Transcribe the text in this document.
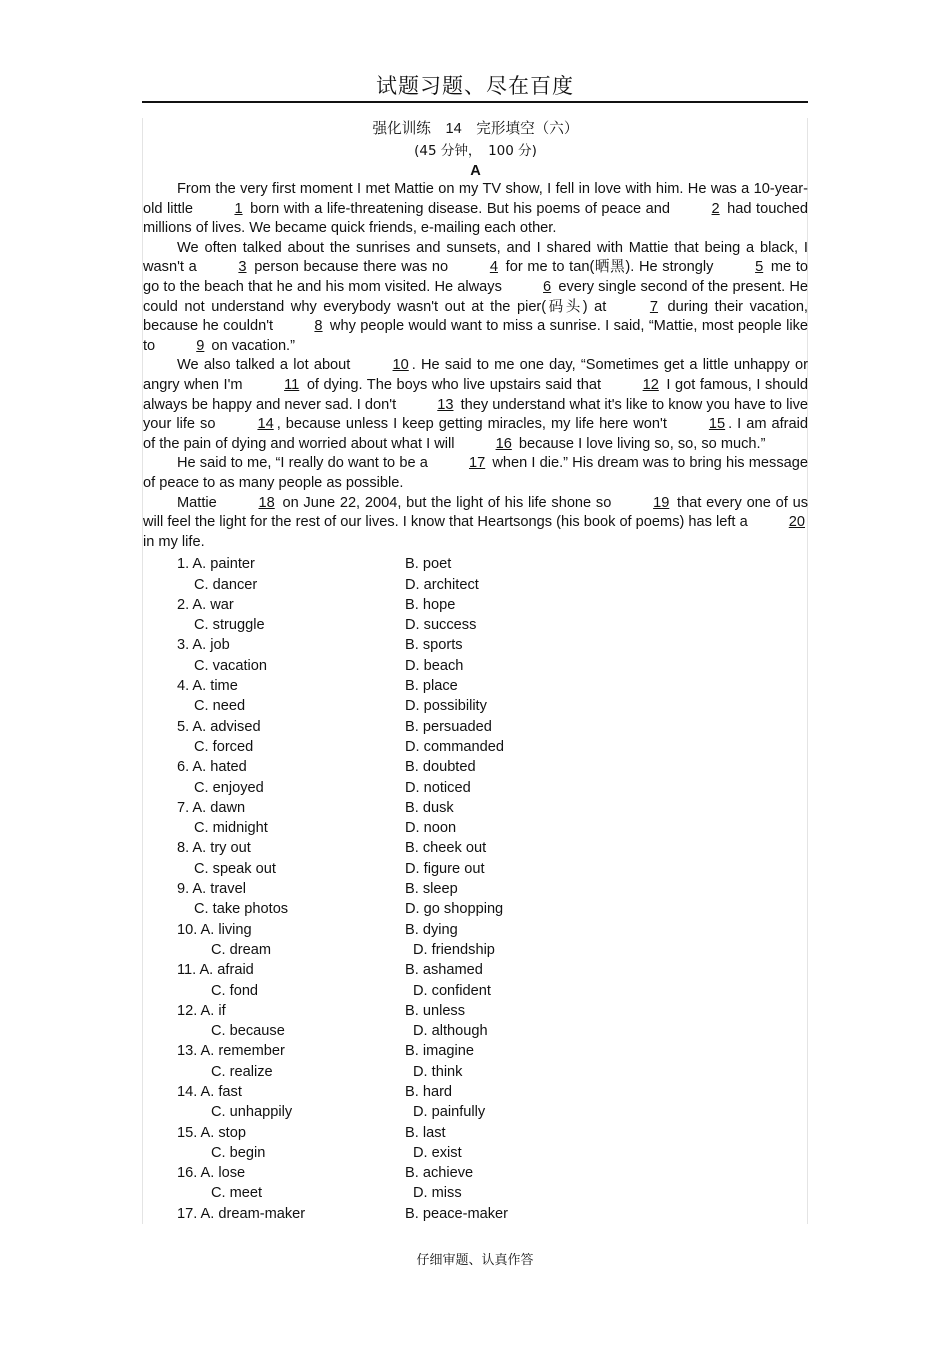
试题习题、尽在百度
强化训练　14　完形填空（六）
(45 分钟，　100 分)
A

From the very first moment I met Mattie on my TV show, I fell in love with him. He was a 10-year-old little	1 born with a life-threatening disease. But his poems of peace and	2 had touched millions of lives. We became quick friends, e-mailing each other.

We often talked about the sunrises and sunsets, and I shared with Mattie that being a black, I wasn't a	3 person because there was no	4 for me to tan(晒黑). He strongly	5 me to go to the beach that he and his mom visited. He always	6 every single second of the present. He could not understand why everybody wasn't out at the pier(码头) at	7 during their vacation, because he couldn't	8 why people would want to miss a sunrise. I said, “Mattie, most people like to	9 on vacation.”

We also talked a lot about	10 . He said to me one day, “Sometimes get a little unhappy or angry when I'm	11 of dying. The boys who live upstairs said that	12 I got famous, I should always be happy and never sad. I don't	13 they understand what it's like to know you have to live your life so	14 , because unless I keep getting miracles, my life here won't	15 . I am afraid of the pain of dying and worried about what I will	16 because I love living so, so, so much.”

He said to me, “I really do want to be a	17 when I die.” His dream was to bring his message of peace to as many people as possible.

Mattie	18 on June 22, 2004, but the light of his life shone so	19 that every one of us will feel the light for the rest of our lives. I know that Heartsongs (his book of poems) has left a	20 in my life.

1. A. painter	B. poet
C. dancer	D. architect
2. A. war	B. hope
C. struggle	D. success
3. A. job	B. sports
C. vacation	D. beach
4. A. time	B. place
C. need	D. possibility
5. A. advised	B. persuaded
C. forced	D. commanded
6. A. hated	B. doubted
C. enjoyed	D. noticed
7. A. dawn	B. dusk
C. midnight	D. noon
8. A. try out	B. cheek out
C. speak out	D. figure out
9. A. travel	B. sleep
C. take photos	D. go shopping
10. A. living	B. dying
C. dream	D. friendship
11. A. afraid	B. ashamed
C. fond	D. confident
12. A. if	B. unless
C. because	D. although
13. A. remember	B. imagine
C. realize	D. think
14. A. fast	B. hard
C. unhappily	D. painfully
15. A. stop	B. last
C. begin	D. exist
16. A. lose	B. achieve
C. meet	D. miss
17. A. dream-maker	B. peace-maker
仔细审题、认真作答
